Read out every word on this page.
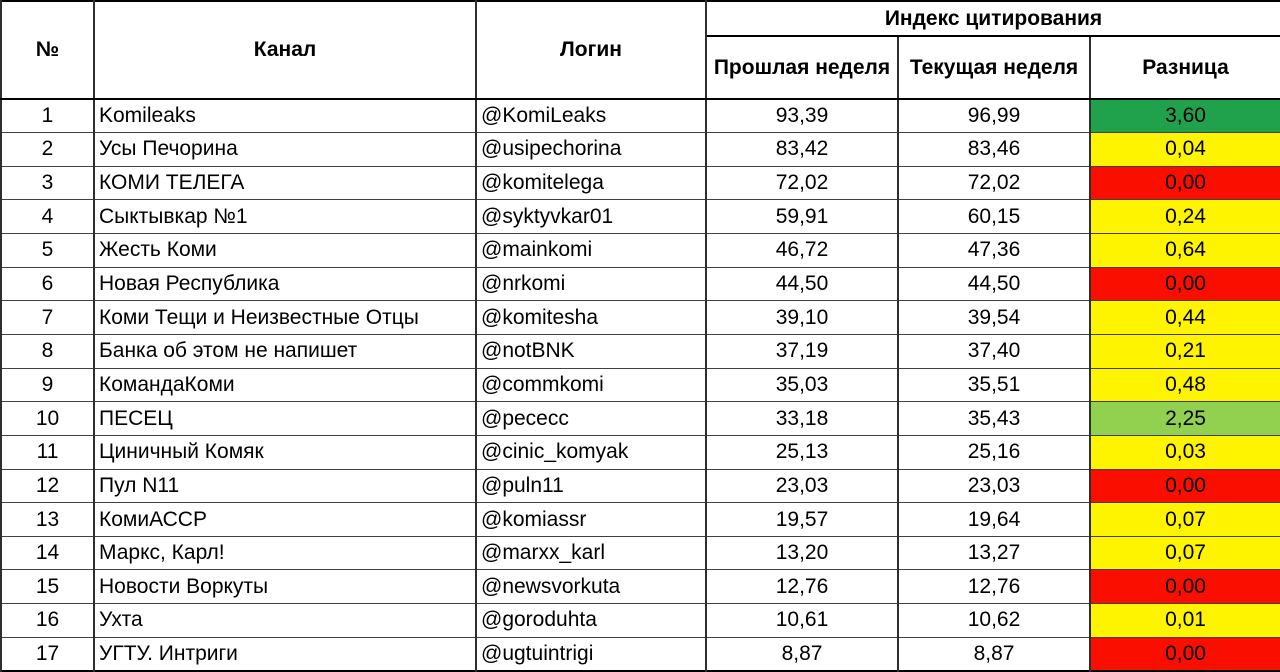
№	Канал	Логин	Индекс цитирования		
			Прошлая неделя	Текущая неделя	Разница
1	Komileaks	@KomiLeaks	93,39	96,99	3,60
2	Усы Печорина	@usipechorina	83,42	83,46	0,04
3	КОМИ ТЕЛЕГА	@komitelega	72,02	72,02	0,00
4	Сыктывкар №1	@syktyvkar01	59,91	60,15	0,24
5	Жесть Коми	@mainkomi	46,72	47,36	0,64
6	Новая Республика	@nrkomi	44,50	44,50	0,00
7	Коми Тещи и Неизвестные Отцы	@komitesha	39,10	39,54	0,44
8	Банка об этом не напишет	@notBNK	37,19	37,40	0,21
9	КомандаКоми	@commkomi	35,03	35,51	0,48
10	ПЕСЕЦ	@pececc	33,18	35,43	2,25
11	Циничный Комяк	@cinic_komyak	25,13	25,16	0,03
12	Пул N11	@puln11	23,03	23,03	0,00
13	КомиАССР	@komiassr	19,57	19,64	0,07
14	Маркс, Карл!	@marxx_karl	13,20	13,27	0,07
15	Новости Воркуты	@newsvorkuta	12,76	12,76	0,00
16	Ухта	@goroduhta	10,61	10,62	0,01
17	УГТУ. Интриги	@ugtuintrigi	8,87	8,87	0,00
